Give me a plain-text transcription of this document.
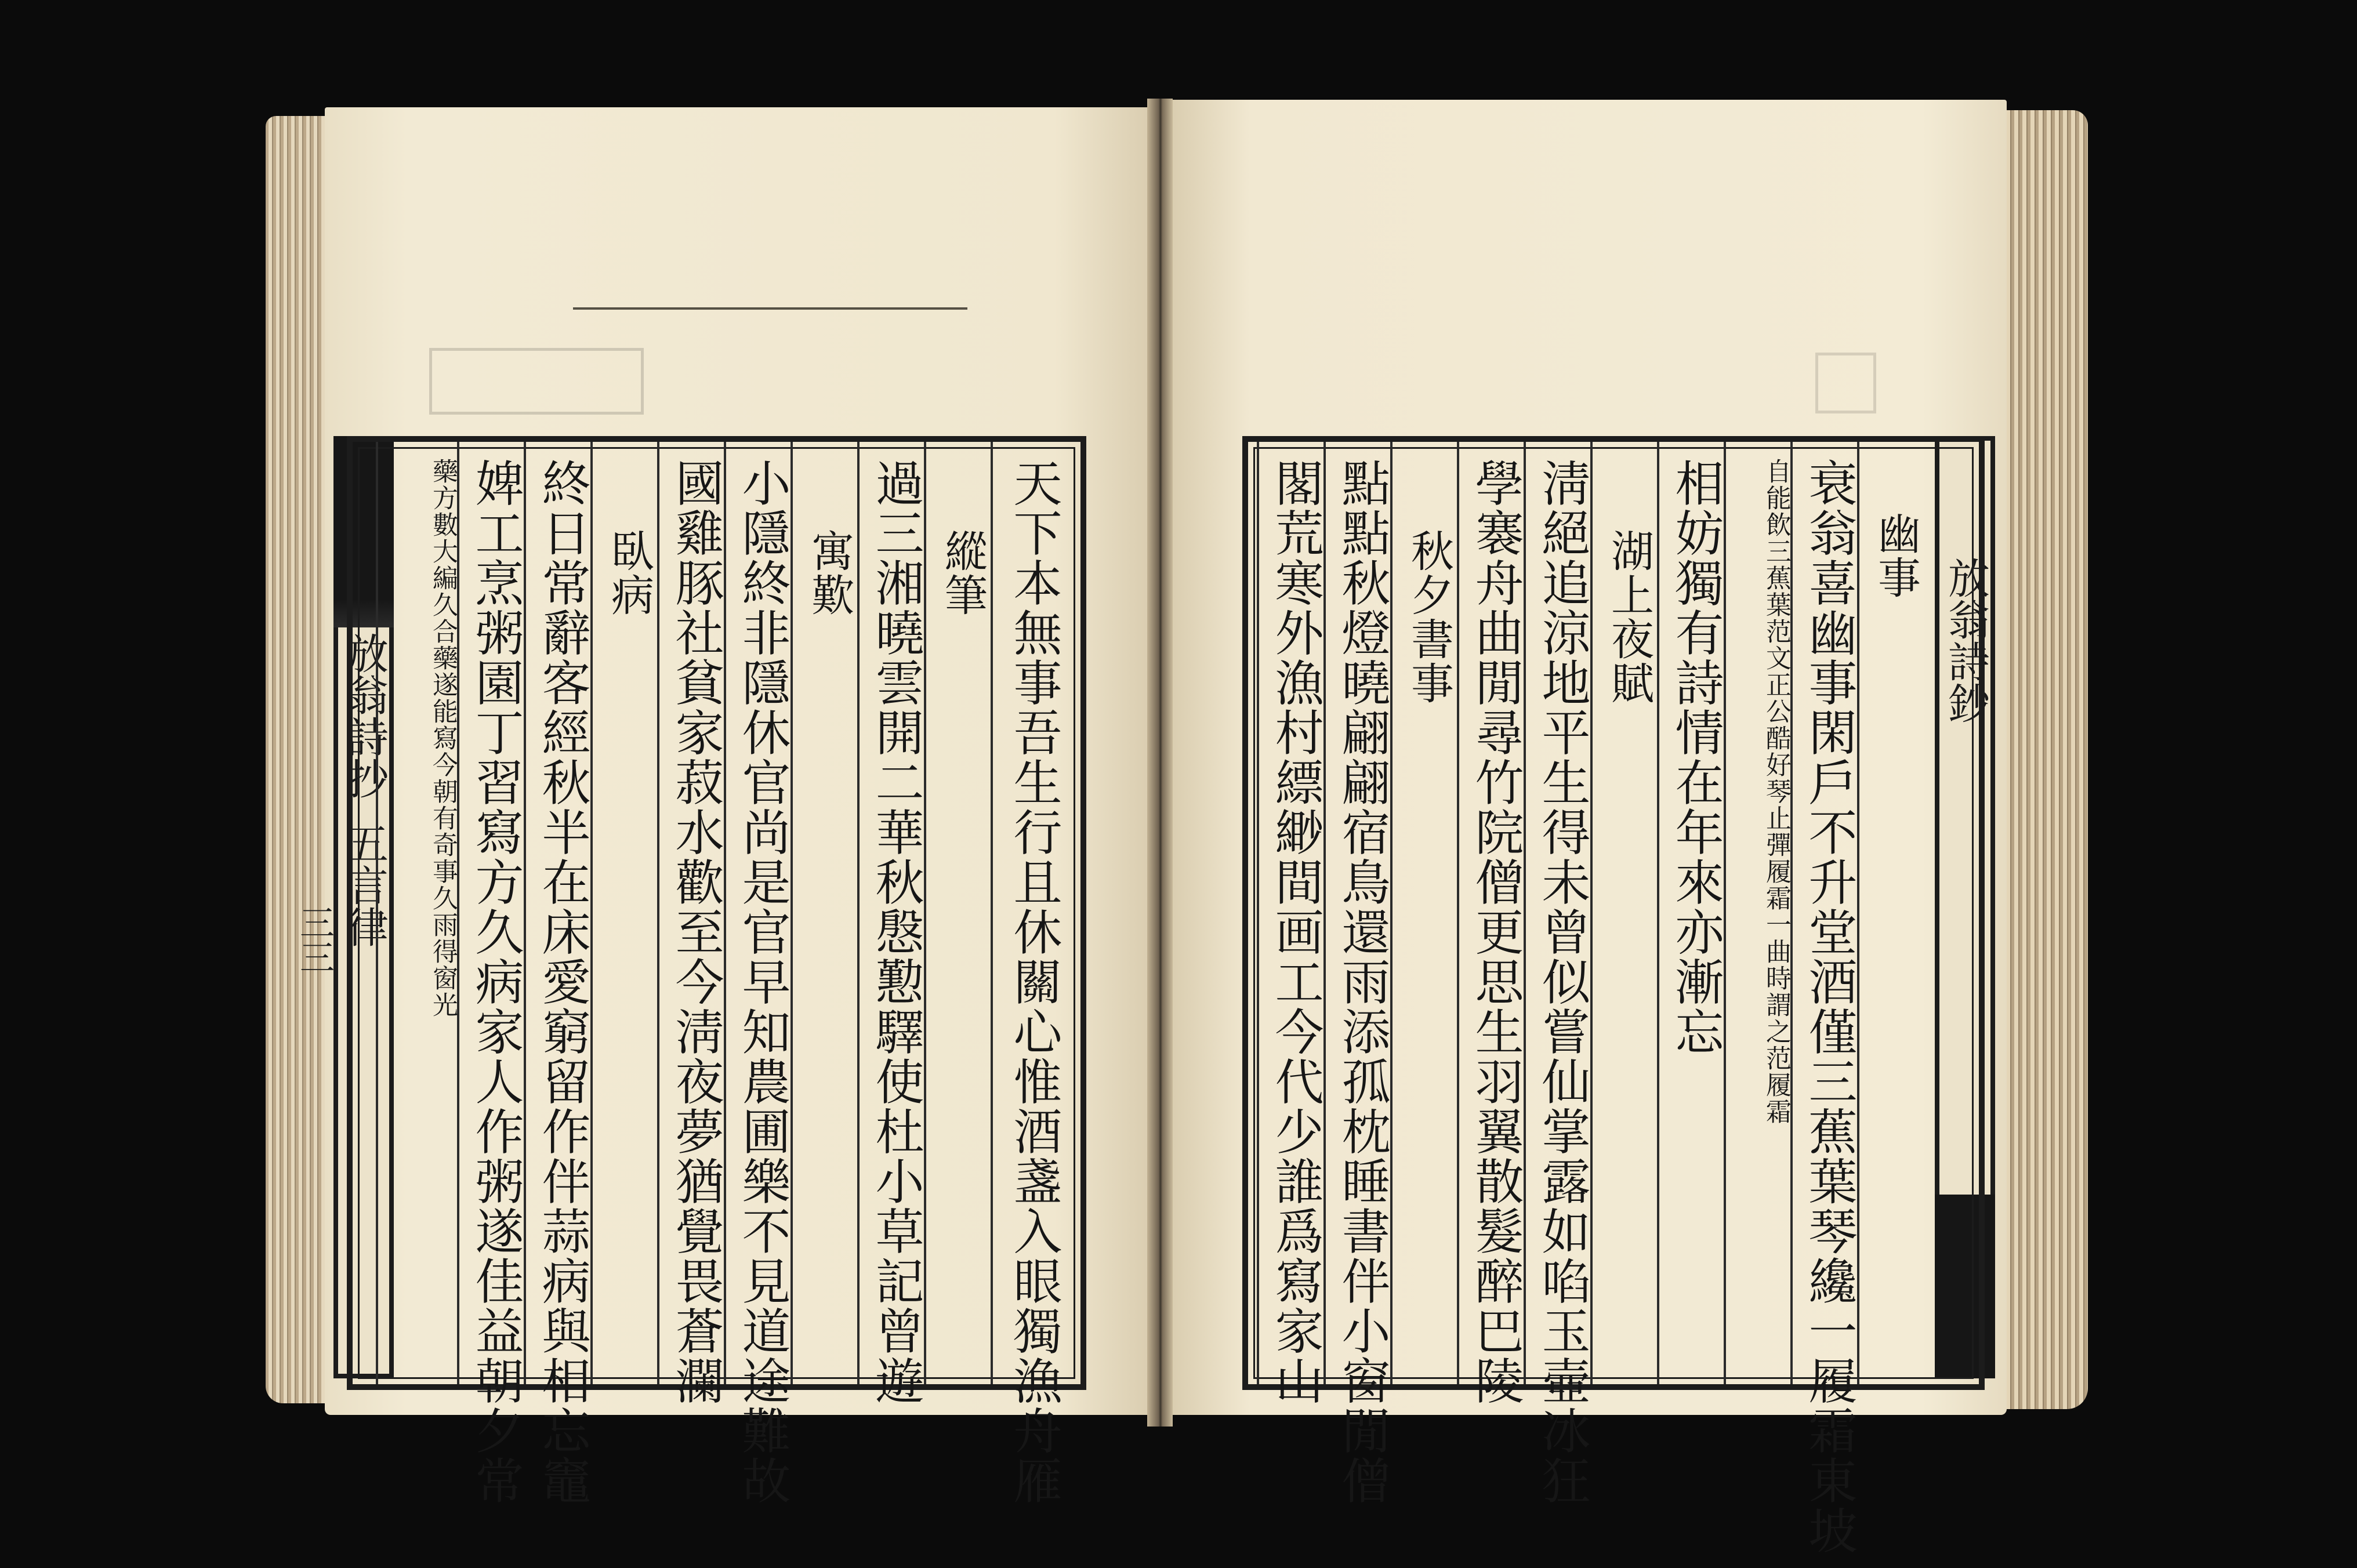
放翁詩抄五言律
三三	天下本無事吾生行且休關心惟酒盞入眼獨漁舟雁
縱筆
過三湘曉雲開二華秋慇懃驛使杜小草記曾遊
寓歎
小隱終非隱休官尚是官早知農圃樂不見道途難故
國雞豚社貧家菽水歡至今淸夜夢猶覺畏蒼瀾
臥病
終日常辭客經秋半在床愛窮留作伴蒜病與相忘竈
婢工烹粥園丁習寫方久病家人作粥遂佳益朝夕常
藥方數大編久合藥遂能寫今朝有奇事久雨得窗光	放翁詩鈔
幽事
衰翁喜幽事閑戶不升堂酒僅三蕉葉琴纔一履霜東坡
自能飲三蕉葉范文正公酷好琴止彈履霜一曲時謂之范履霜
相妨獨有詩情在年來亦漸忘
湖上夜賦
淸絕追涼地平生得未曾似嘗仙掌露如啗玉壺冰狂
學褰舟曲閒尋竹院僧更思生羽翼散髮醉巴陵
秋夕書事
點點秋燈曉翩翩宿鳥還雨添孤枕睡書伴小窗閒僧
閣荒寒外漁村縹緲間画工今代少誰爲寫家山
